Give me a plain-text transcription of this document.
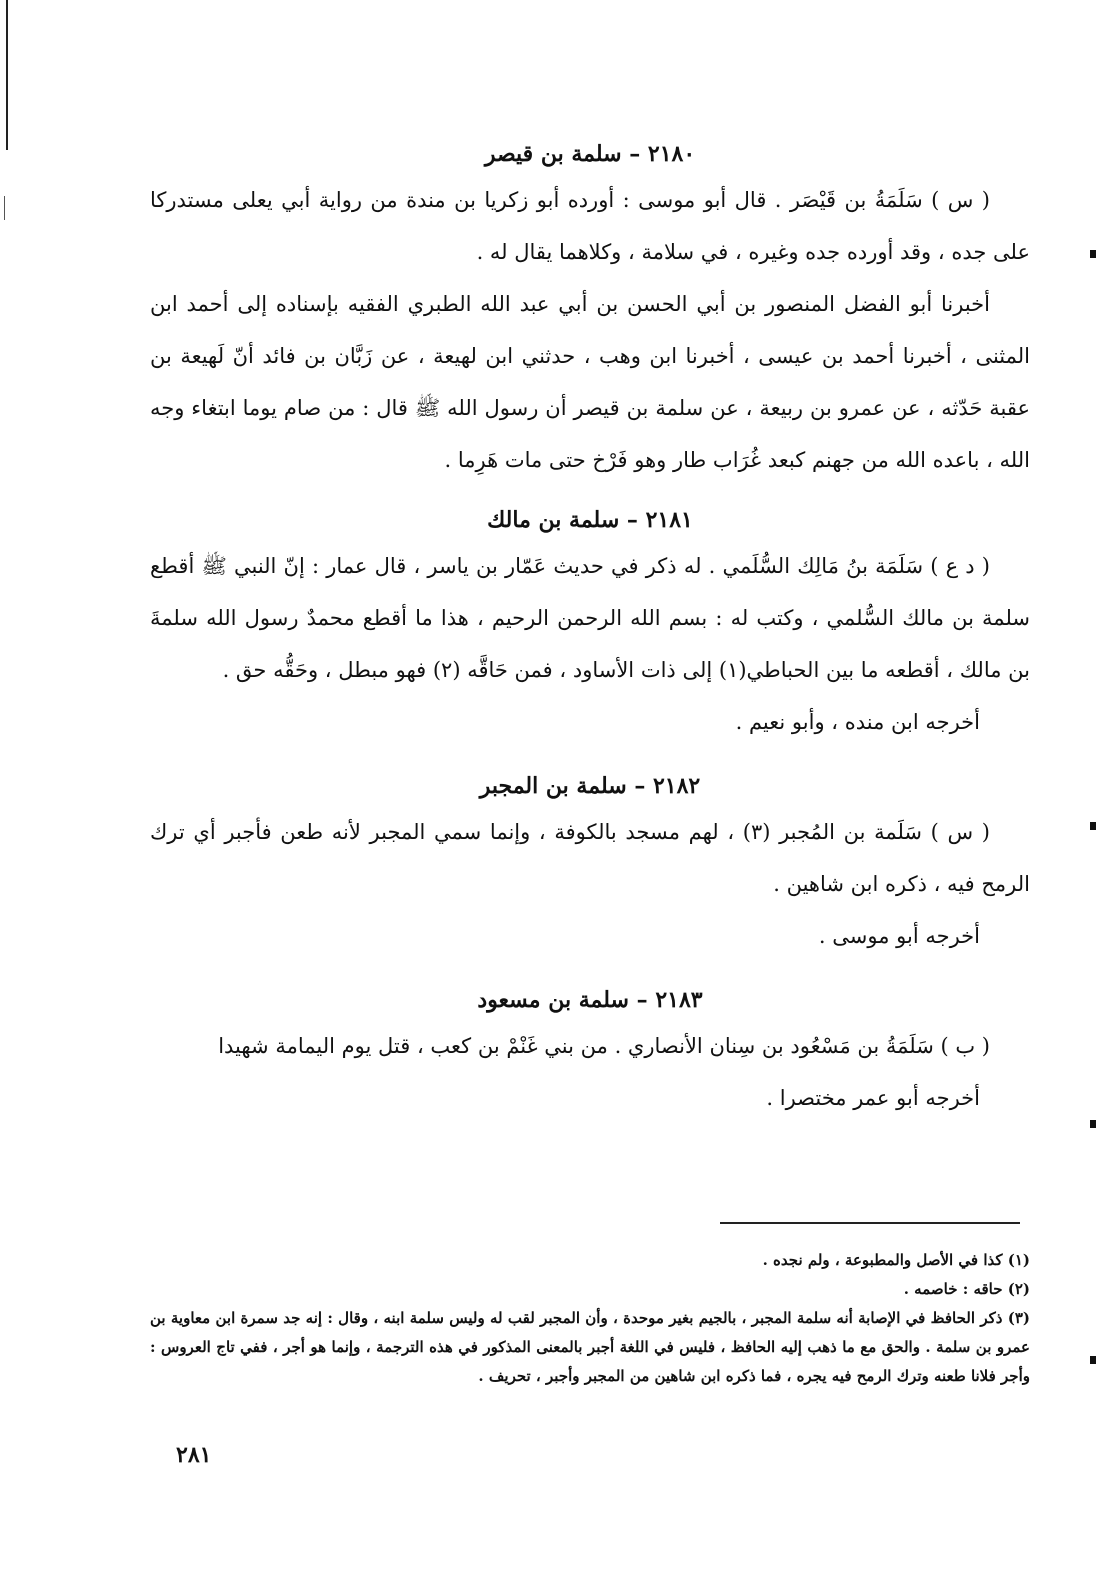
٢١٨٠ – سلمة بن قيصر

( س ) سَلَمَةُ بن قَيْصَر . قال أبو موسى : أورده أبو زكريا بن مندة من رواية أبي يعلى مستدركا على جده ، وقد أورده جده وغيره ، في سلامة ، وكلاهما يقال له .

أخبرنا أبو الفضل المنصور بن أبي الحسن بن أبي عبد الله الطبري الفقيه بإسناده إلى أحمد ابن المثنى ، أخبرنا أحمد بن عيسى ، أخبرنا ابن وهب ، حدثني ابن لهيعة ، عن زَبَّان بن فائد أنّ لَهيعة بن عقبة حَدّثه ، عن عمرو بن ربيعة ، عن سلمة بن قيصر أن رسول الله ﷺ قال : من صام يوما ابتغاء وجه الله ، باعده الله من جهنم كبعد غُرَاب طار وهو فَرْخ حتى مات هَرِما .

٢١٨١ – سلمة بن مالك

( د ع ) سَلَمَة بنُ مَالِك السُّلَمي . له ذكر في حديث عَمّار بن ياسر ، قال عمار : إنّ النبي ﷺ أقطع سلمة بن مالك السُّلمي ، وكتب له : بسم الله الرحمن الرحيم ، هذا ما أقطع محمدٌ رسول الله سلمةَ بن مالك ، أقطعه ما بين الحباطي(١) إلى ذات الأساود ، فمن حَاقَّه (٢) فهو مبطل ، وحَقُّه حق .

أخرجه ابن منده ، وأبو نعيم .

٢١٨٢ – سلمة بن المجبر

( س ) سَلَمة بن المُجبر (٣) ، لهم مسجد بالكوفة ، وإنما سمي المجبر لأنه طعن فأجبر أي ترك الرمح فيه ، ذكره ابن شاهين .

أخرجه أبو موسى .

٢١٨٣ – سلمة بن مسعود

( ب ) سَلَمَةُ بن مَسْعُود بن سِنان الأنصاري . من بني غَنْمْ بن كعب ، قتل يوم اليمامة شهيدا

أخرجه أبو عمر مختصرا .

(١) كذا في الأصل والمطبوعة ، ولم نجده .

(٢) حاقه : خاصمه .

(٣) ذكر الحافظ في الإصابة أنه سلمة المجبر ، بالجيم بغير موحدة ، وأن المجبر لقب له وليس سلمة ابنه ، وقال : إنه جد سمرة ابن معاوية بن عمرو بن سلمة . والحق مع ما ذهب إليه الحافظ ، فليس في اللغة أجبر بالمعنى المذكور في هذه الترجمة ، وإنما هو أجر ، ففي تاج العروس : وأجر فلانا طعنه وترك الرمح فيه يجره ، فما ذكره ابن شاهين من المجبر وأجبر ، تحريف .

٢٨١
